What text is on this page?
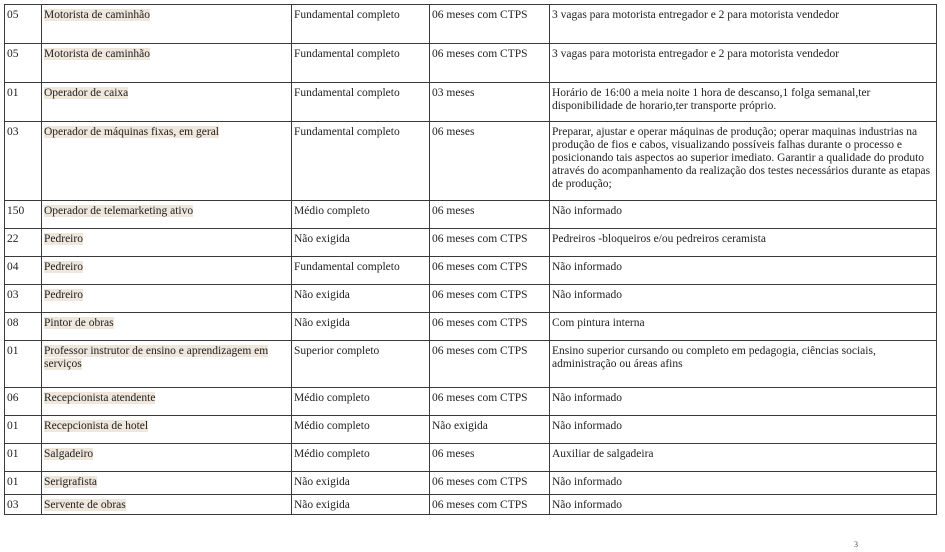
05	Motorista de caminhão	Fundamental completo	06 meses com CTPS	3 vagas para motorista entregador e 2 para motorista vendedor
05	Motorista de caminhão	Fundamental completo	06 meses com CTPS	3 vagas para motorista entregador e 2 para motorista vendedor
01	Operador de caixa	Fundamental completo	03 meses	Horário de 16:00 a meia noite 1 hora de descanso,1 folga semanal,ter disponibilidade de horario,ter transporte próprio.
03	Operador de máquinas fixas, em geral	Fundamental completo	06 meses	Preparar, ajustar e operar máquinas de produção; operar maquinas industrias na produção de fios e cabos, visualizando possíveis falhas durante o processo e posicionando tais aspectos ao superior imediato. Garantir a qualidade do produto através do acompanhamento da realização dos testes necessários durante as etapas de produção;
150	Operador de telemarketing ativo	Médio completo	06 meses	Não informado
22	Pedreiro	Não exigida	06 meses com CTPS	Pedreiros -bloqueiros e/ou pedreiros ceramista
04	Pedreiro	Fundamental completo	06 meses com CTPS	Não informado
03	Pedreiro	Não exigida	06 meses com CTPS	Não informado
08	Pintor de obras	Não exigida	06 meses com CTPS	Com pintura interna
01	Professor instrutor de ensino e aprendizagem em serviços	Superior completo	06 meses com CTPS	Ensino superior cursando ou completo em pedagogia, ciências sociais, administração ou áreas afins
06	Recepcionista atendente	Médio completo	06 meses com CTPS	Não informado
01	Recepcionista de hotel	Médio completo	Não exigida	Não informado
01	Salgadeiro	Médio completo	06 meses	Auxiliar de salgadeira
01	Serigrafista	Não exigida	06 meses com CTPS	Não informado
03	Servente de obras	Não exigida	06 meses com CTPS	Não informado
3
